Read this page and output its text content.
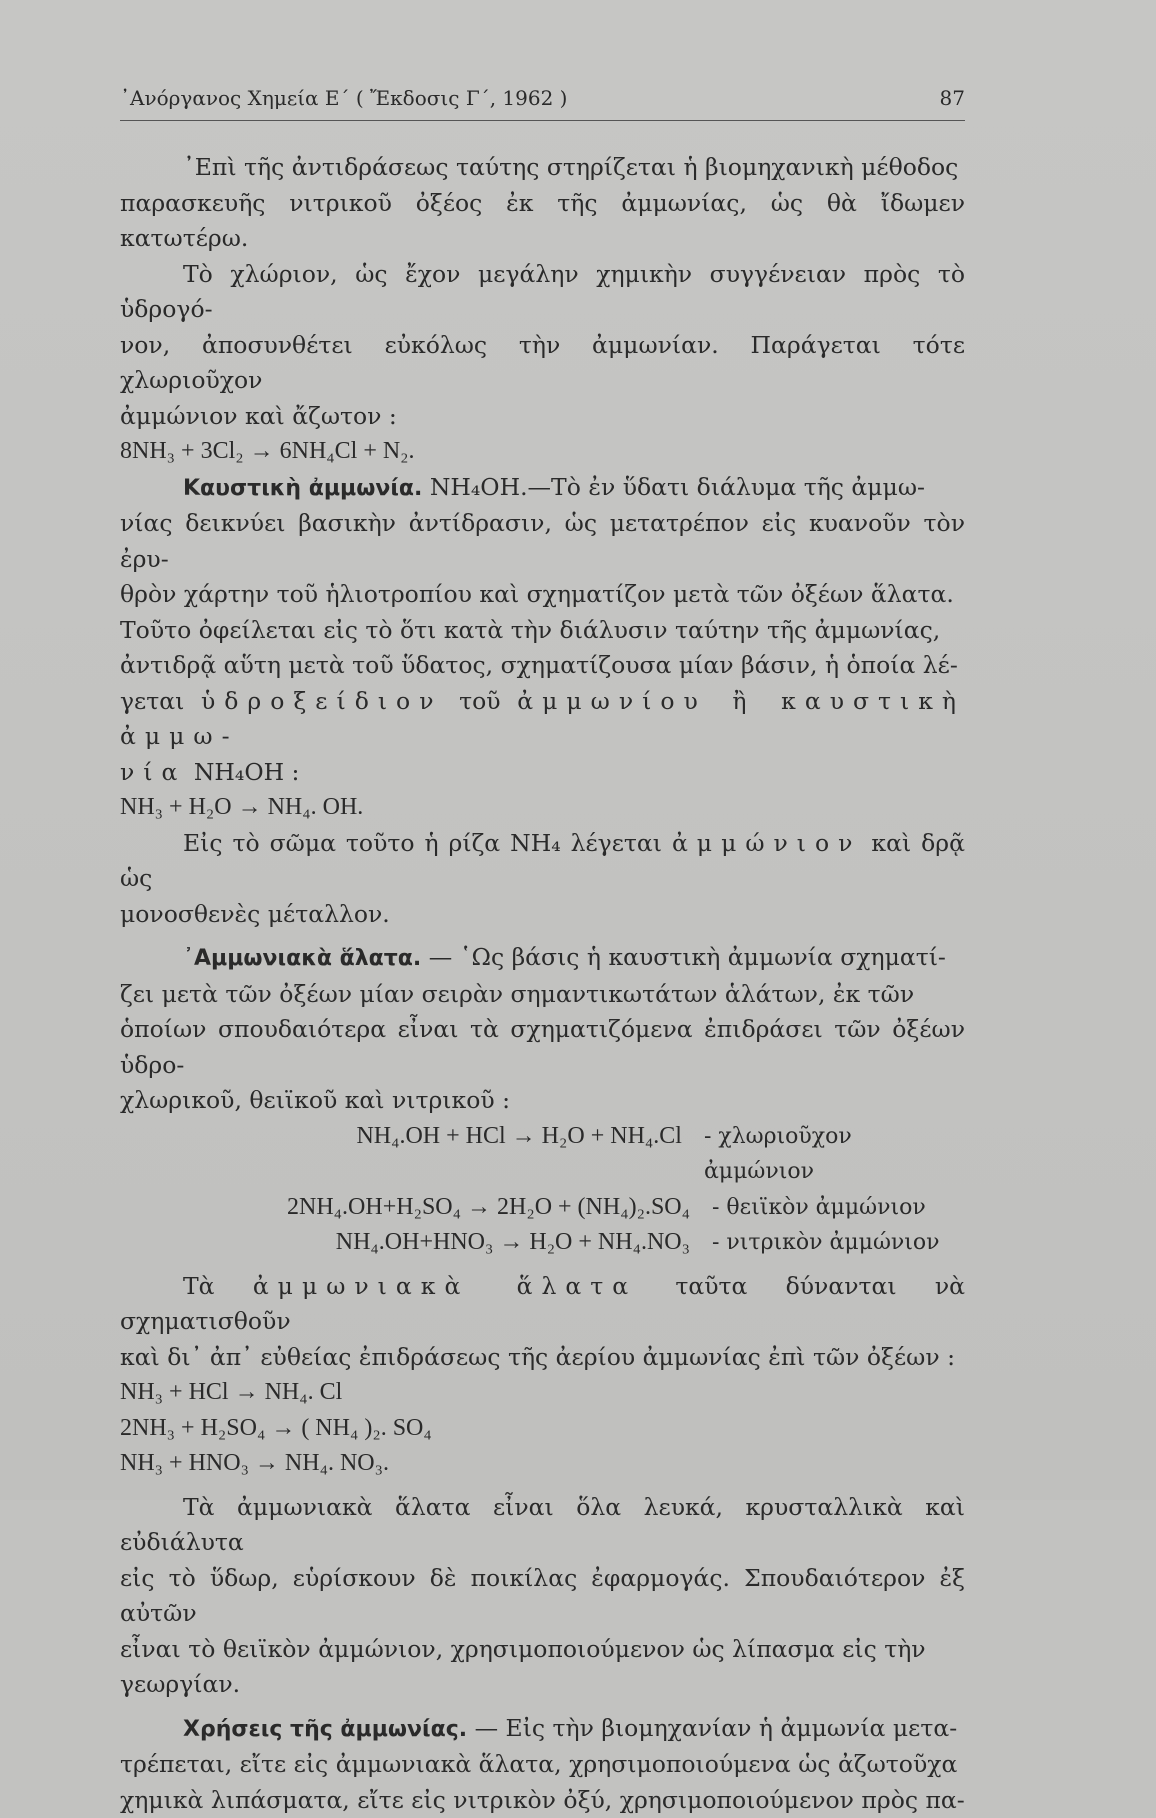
᾿Ανόργανος Χημεία Ε΄ ( Ἔκδοσις Γ΄, 1962 )	87

᾿Επὶ τῆς ἀντιδράσεως ταύτης στηρίζεται ἡ βιομηχανικὴ μέθοδος

παρασκευῆς νιτρικοῦ ὀξέος ἐκ τῆς ἀμμωνίας, ὡς θὰ ἴδωμεν κατωτέρω.

Τὸ χλώριον, ὡς ἔχον μεγάλην χημικὴν συγγένειαν πρὸς τὸ ὑδρογό-

νον, ἀποσυνθέτει εὐκόλως τὴν ἀμμωνίαν. Παράγεται τότε χλωριοῦχον

ἀμμώνιον καὶ ἄζωτον :

8NH₃ + 3Cl₂ → 6NH₄Cl + N₂.

Καυστικὴ ἀμμωνία. NH₄OH.—Τὸ ἐν ὕδατι διάλυμα τῆς ἀμμω-

νίας δεικνύει βασικὴν ἀντίδρασιν, ὡς μετατρέπον εἰς κυανοῦν τὸν ἐρυ-

θρὸν χάρτην τοῦ ἡλιοτροπίου καὶ σχηματίζον μετὰ τῶν ὀξέων ἅλατα.

Τοῦτο ὀφείλεται εἰς τὸ ὅτι κατὰ τὴν διάλυσιν ταύτην τῆς ἀμμωνίας,

ἀντιδρᾷ αὕτη μετὰ τοῦ ὕδατος, σχηματίζουσα μίαν βάσιν, ἡ ὁποία λέ-

γεται ὑδροξείδιον τοῦ ἀμμωνίου ἢ καυστικὴ ἀμμω-

νία NH₄OH :

NH₃ + H₂O → NH₄. OH.

Εἰς τὸ σῶμα τοῦτο ἡ ρίζα NH₄ λέγεται ἀμμώνιον καὶ δρᾷ ὡς

μονοσθενὲς μέταλλον.

᾿Αμμωνιακὰ ἅλατα. — ῾Ως βάσις ἡ καυστικὴ ἀμμωνία σχηματί-

ζει μετὰ τῶν ὀξέων μίαν σειρὰν σημαντικωτάτων ἁλάτων, ἐκ τῶν

ὁποίων σπουδαιότερα εἶναι τὰ σχηματιζόμενα ἐπιδράσει τῶν ὀξέων ὑδρο-

χλωρικοῦ, θειϊκοῦ καὶ νιτρικοῦ :

NH₄.OH + HCl → H₂O + NH₄.Cl	- χλωριοῦχον ἀμμώνιον
2NH₄.OH+H₂SO₄ → 2H₂O + (NH₄)₂.SO₄	- θειϊκὸν ἀμμώνιον
NH₄.OH+HNO₃ → H₂O + NH₄.NO₃	- νιτρικὸν ἀμμώνιον

Τὰ ἀμμωνιακὰ ἅλατα ταῦτα δύνανται νὰ σχηματισθοῦν

καὶ δι᾿ ἀπ᾿ εὐθείας ἐπιδράσεως τῆς ἀερίου ἀμμωνίας ἐπὶ τῶν ὀξέων :

NH₃ + HCl → NH₄. Cl

2NH₃ + H₂SO₄ → ( NH₄ )₂. SO₄

NH₃ + HNO₃ → NH₄. NO₃.

Τὰ ἀμμωνιακὰ ἅλατα εἶναι ὅλα λευκά, κρυσταλλικὰ καὶ εὐδιάλυτα

εἰς τὸ ὕδωρ, εὑρίσκουν δὲ ποικίλας ἐφαρμογάς. Σπουδαιότερον ἐξ αὐτῶν

εἶναι τὸ θειϊκὸν ἀμμώνιον, χρησιμοποιούμενον ὡς λίπασμα εἰς τὴν

γεωργίαν.

Χρήσεις τῆς ἀμμωνίας. — Εἰς τὴν βιομηχανίαν ἡ ἀμμωνία μετα-

τρέπεται, εἴτε εἰς ἀμμωνιακὰ ἅλατα, χρησιμοποιούμενα ὡς ἀζωτοῦχα

χημικὰ λιπάσματα, εἴτε εἰς νιτρικὸν ὀξύ, χρησιμοποιούμενον πρὸς πα-
